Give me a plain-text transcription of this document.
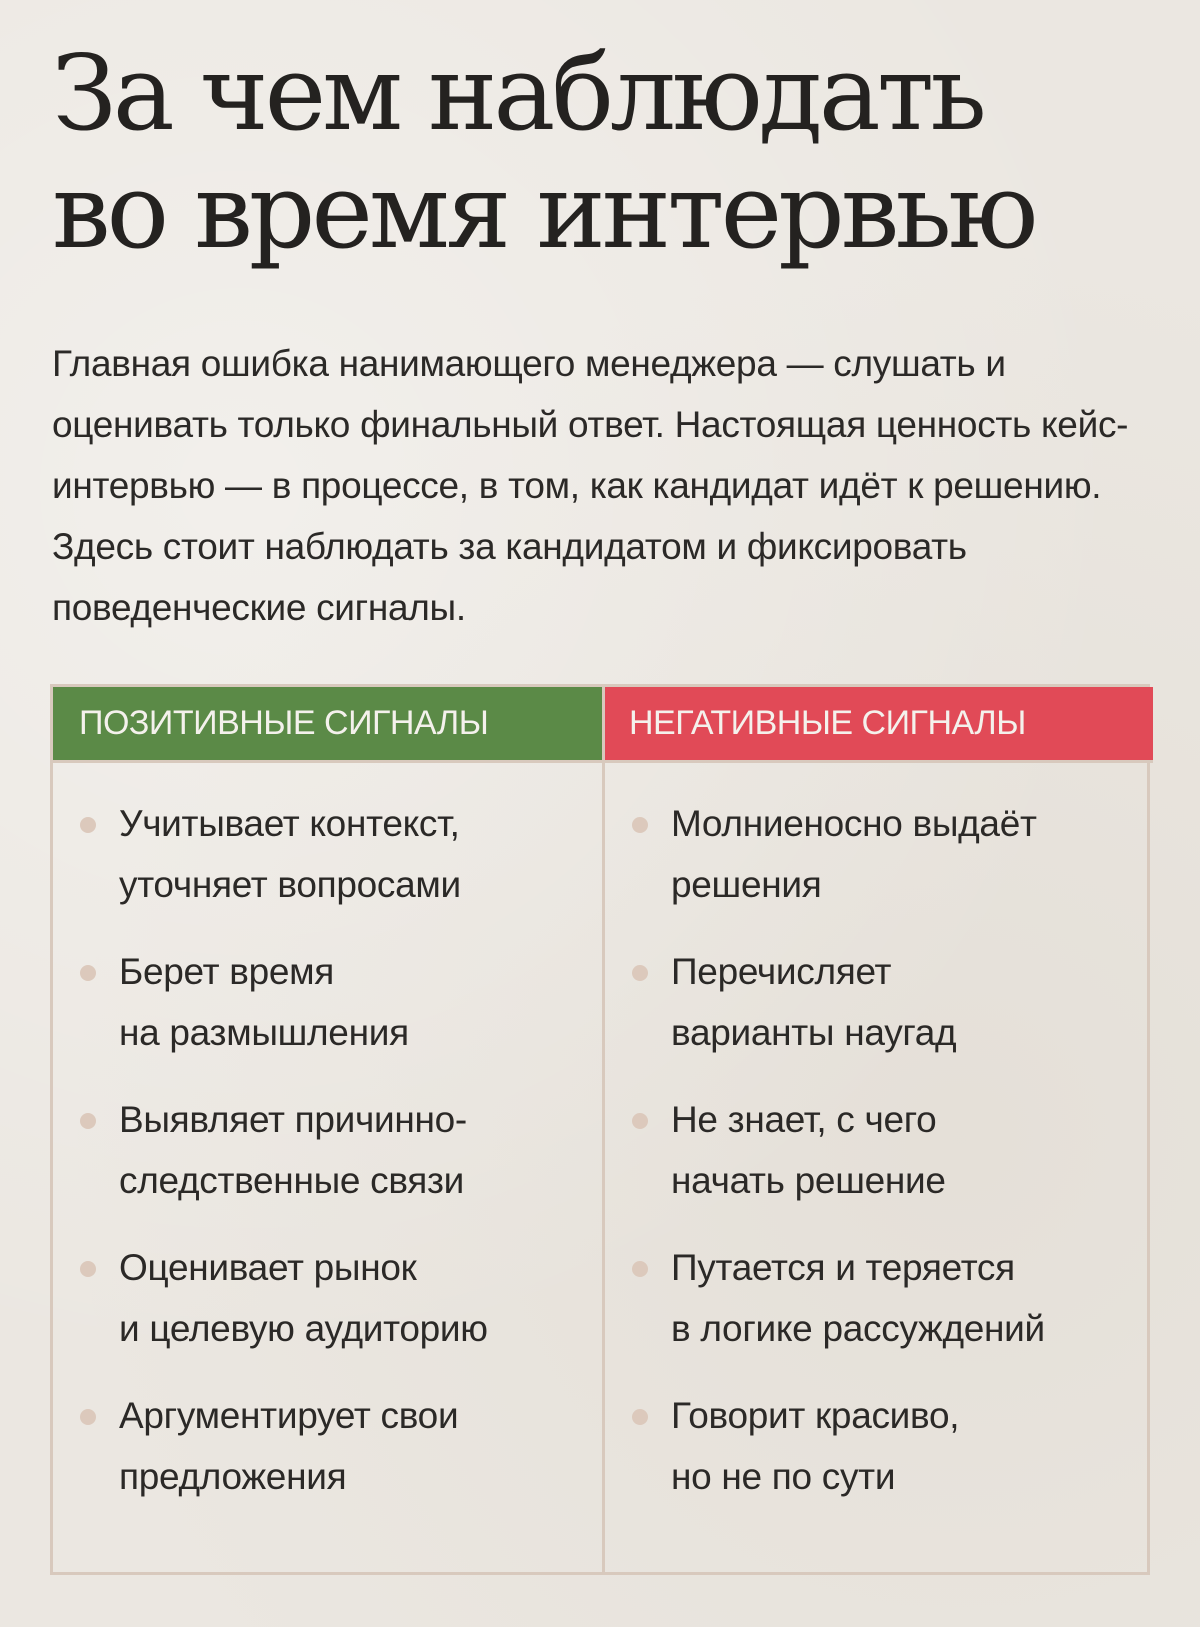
За чем наблюдать
во время интервью

Главная ошибка нанимающего менеджера — слушать и оценивать только финальный ответ. Настоящая ценность кейс-интервью — в процессе, в том, как кандидат идёт к решению. Здесь стоит наблюдать за кандидатом и фиксировать поведенческие сигналы.

ПОЗИТИВНЫЕ СИГНАЛЫ
Учитывает контекст,
уточняет вопросами
Берет время
на размышления
Выявляет причинно-
следственные связи
Оценивает рынок
и целевую аудиторию
Аргументирует свои
предложения
НЕГАТИВНЫЕ СИГНАЛЫ
Молниеносно выдаёт
решения
Перечисляет
варианты наугад
Не знает, с чего
начать решение
Путается и теряется
в логике рассуждений
Говорит красиво,
но не по сути
